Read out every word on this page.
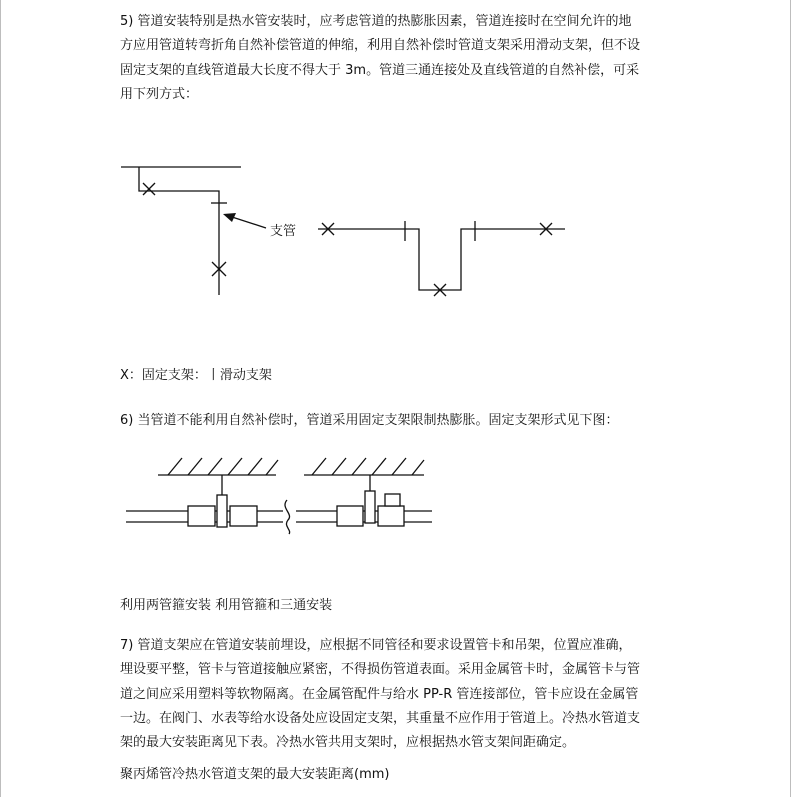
5) 管道安装特别是热水管安装时，应考虑管道的热膨胀因素，管道连接时在空间允许的地
方应用管道转弯折角自然补偿管道的伸缩，利用自然补偿时管道支架采用滑动支架，但不设
固定支架的直线管道最大长度不得大于 3m。管道三通连接处及直线管道的自然补偿，可采
用下列方式：
支管
X：固定支架：丨滑动支架
6) 当管道不能利用自然补偿时，管道采用固定支架限制热膨胀。固定支架形式见下图：
利用两管箍安装 利用管箍和三通安装
7) 管道支架应在管道安装前埋设，应根据不同管径和要求设置管卡和吊架，位置应准确，
埋设要平整，管卡与管道接触应紧密，不得损伤管道表面。采用金属管卡时，金属管卡与管
道之间应采用塑料等软物隔离。在金属管配件与给水 PP-R 管连接部位，管卡应设在金属管
一边。在阀门、水表等给水设备处应设固定支架，其重量不应作用于管道上。冷热水管道支
架的最大安装距离见下表。冷热水管共用支架时，应根据热水管支架间距确定。
聚丙烯管冷热水管道支架的最大安装距离(mm)
